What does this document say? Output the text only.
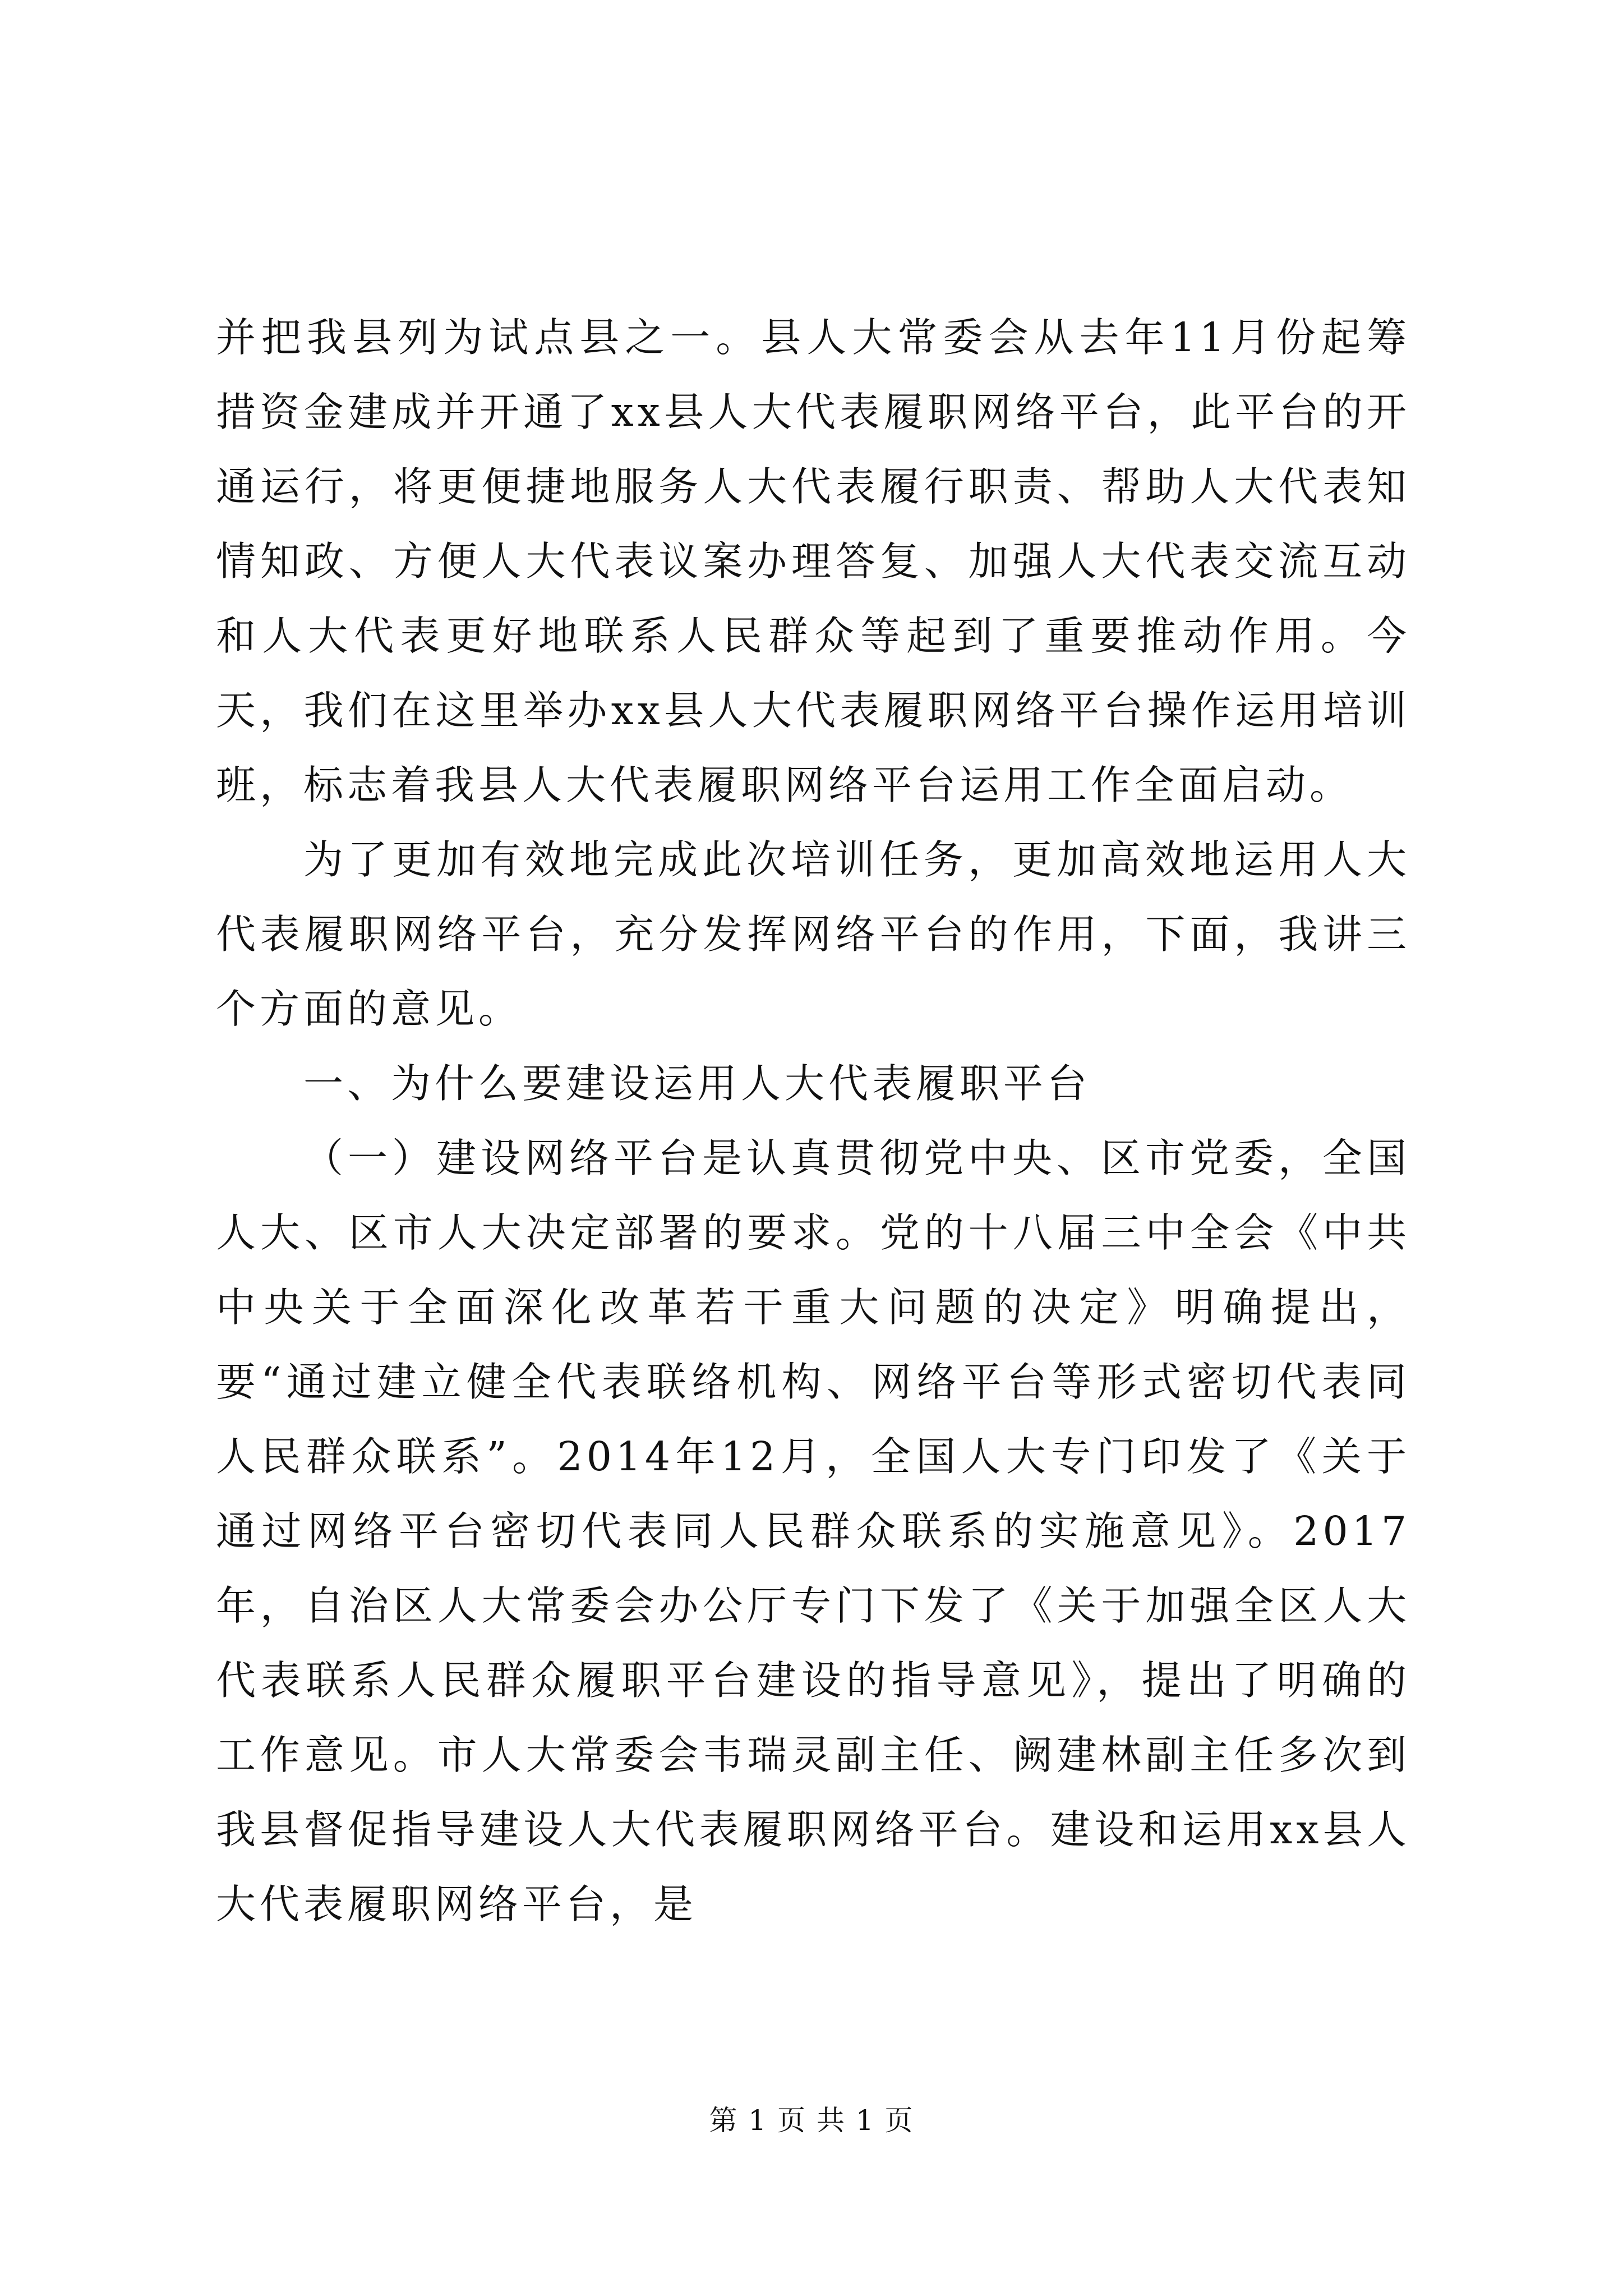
并把我县列为试点县之一。县人大常委会从去年11月份起筹措资金建成并开通了xx县人大代表履职网络平台，此平台的开通运行，将更便捷地服务人大代表履行职责、帮助人大代表知情知政、方便人大代表议案办理答复、加强人大代表交流互动和人大代表更好地联系人民群众等起到了重要推动作用。今天，我们在这里举办xx县人大代表履职网络平台操作运用培训班，标志着我县人大代表履职网络平台运用工作全面启动。

为了更加有效地完成此次培训任务，更加高效地运用人大代表履职网络平台，充分发挥网络平台的作用，下面，我讲三个方面的意见。

一、为什么要建设运用人大代表履职平台

（一）建设网络平台是认真贯彻党中央、区市党委，全国人大、区市人大决定部署的要求。党的十八届三中全会《中共中央关于全面深化改革若干重大问题的决定》明确提出，要“通过建立健全代表联络机构、网络平台等形式密切代表同人民群众联系”。2014年12月，全国人大专门印发了《关于通过网络平台密切代表同人民群众联系的实施意见》。2017年，自治区人大常委会办公厅专门下发了《关于加强全区人大代表联系人民群众履职平台建设的指导意见》，提出了明确的工作意见。市人大常委会韦瑞灵副主任、阙建林副主任多次到我县督促指导建设人大代表履职网络平台。建设和运用xx县人大代表履职网络平台，是

第 1 页 共 1 页
